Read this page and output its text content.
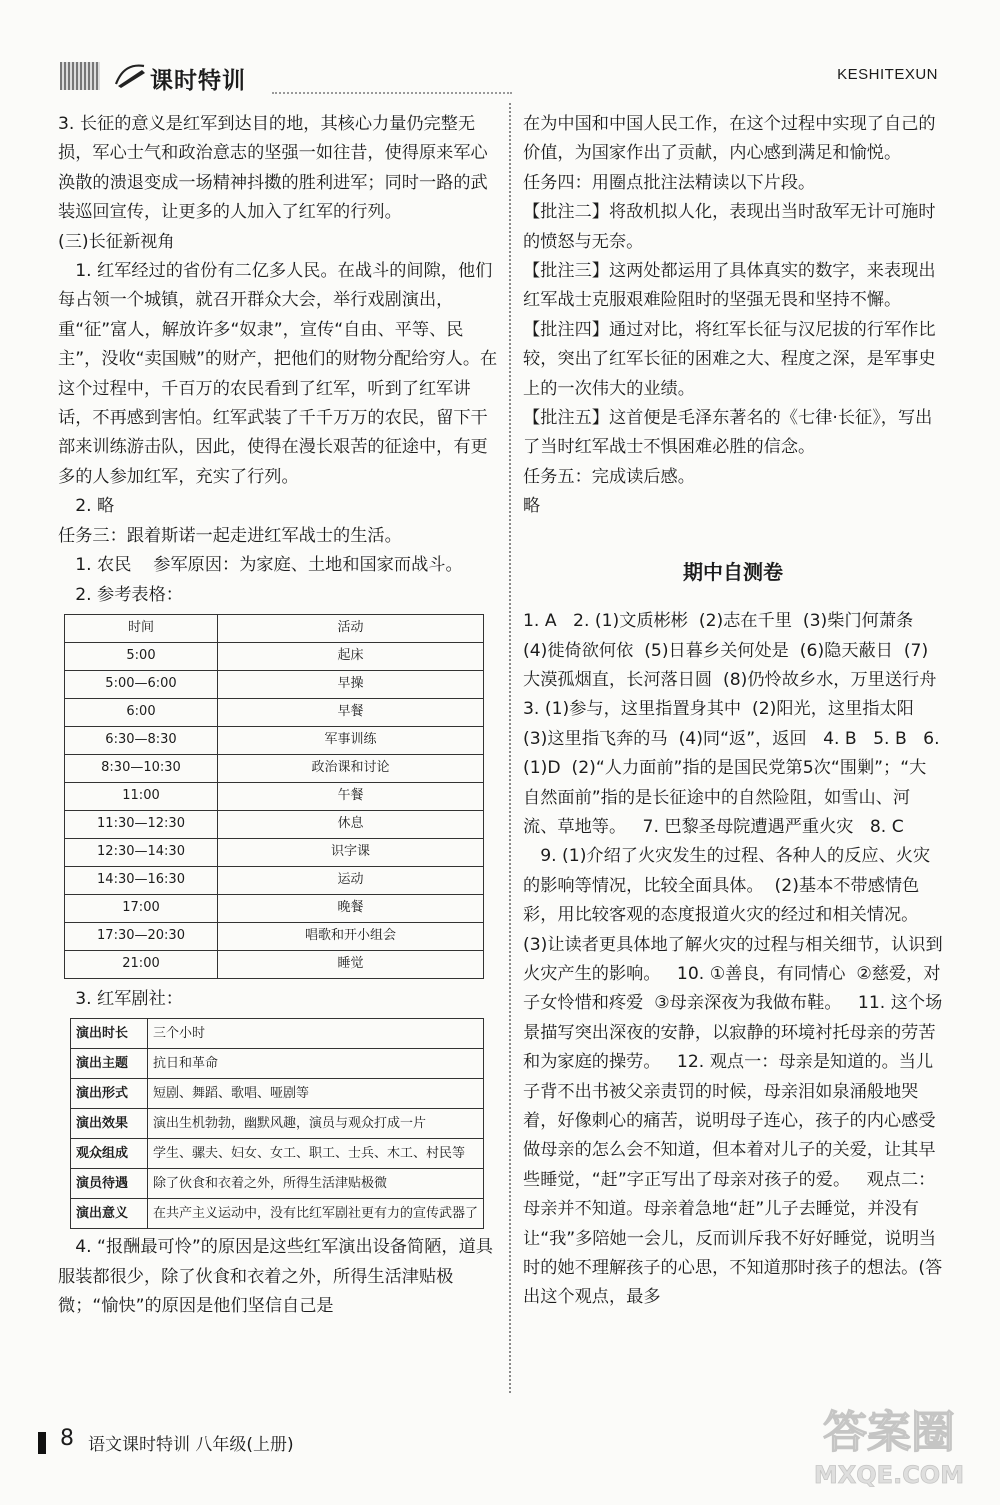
课时特训	KESHITEXUN

3. 长征的意义是红军到达目的地，其核心力量仍完整无损，军心士气和政治意志的坚强一如往昔，使得原来军心涣散的溃退变成一场精神抖擞的胜利进军；同时一路的武装巡回宣传，让更多的人加入了红军的行列。

(三)长征新视角

1. 红军经过的省份有二亿多人民。在战斗的间隙，他们每占领一个城镇，就召开群众大会，举行戏剧演出，重“征”富人，解放许多“奴隶”，宣传“自由、平等、民主”，没收“卖国贼”的财产，把他们的财物分配给穷人。在这个过程中，千百万的农民看到了红军，听到了红军讲话，不再感到害怕。红军武装了千千万万的农民，留下干部来训练游击队，因此，使得在漫长艰苦的征途中，有更多的人参加红军，充实了行列。

2. 略

任务三：跟着斯诺一起走进红军战士的生活。

1. 农民    参军原因：为家庭、土地和国家而战斗。

2. 参考表格：

时间	活动
5:00	起床
5:00—6:00	早操
6:00	早餐
6:30—8:30	军事训练
8:30—10:30	政治课和讨论
11:00	午餐
11:30—12:30	休息
12:30—14:30	识字课
14:30—16:30	运动
17:00	晚餐
17:30—20:30	唱歌和开小组会
21:00	睡觉

3. 红军剧社：

演出时长	三个小时
演出主题	抗日和革命
演出形式	短剧、舞蹈、歌唱、哑剧等
演出效果	演出生机勃勃，幽默风趣，演员与观众打成一片
观众组成	学生、骡夫、妇女、女工、职工、士兵、木工、村民等
演员待遇	除了伙食和衣着之外，所得生活津贴极微
演出意义	在共产主义运动中，没有比红军剧社更有力的宣传武器了

4. “报酬最可怜”的原因是这些红军演出设备简陋，道具服装都很少，除了伙食和衣着之外，所得生活津贴极微；“愉快”的原因是他们坚信自己是

在为中国和中国人民工作，在这个过程中实现了自己的价值，为国家作出了贡献，内心感到满足和愉悦。

任务四：用圈点批注法精读以下片段。

【批注二】将敌机拟人化，表现出当时敌军无计可施时的愤怒与无奈。

【批注三】这两处都运用了具体真实的数字，来表现出红军战士克服艰难险阻时的坚强无畏和坚持不懈。

【批注四】通过对比，将红军长征与汉尼拔的行军作比较，突出了红军长征的困难之大、程度之深，是军事史上的一次伟大的业绩。

【批注五】这首便是毛泽东著名的《七律·长征》，写出了当时红军战士不惧困难必胜的信念。

任务五：完成读后感。

略

期中自测卷

1. A   2. (1)文质彬彬  (2)志在千里  (3)柴门何萧条  (4)徙倚欲何依  (5)日暮乡关何处是  (6)隐天蔽日  (7)大漠孤烟直，长河落日圆  (8)仍怜故乡水，万里送行舟   3. (1)参与，这里指置身其中  (2)阳光，这里指太阳  (3)这里指飞奔的马  (4)同“返”，返回   4. B   5. B   6. (1)D  (2)“人力面前”指的是国民党第5次“围剿”；“大自然面前”指的是长征途中的自然险阻，如雪山、河流、草地等。   7. 巴黎圣母院遭遇严重火灾   8. C

9. (1)介绍了火灾发生的过程、各种人的反应、火灾的影响等情况，比较全面具体。  (2)基本不带感情色彩，用比较客观的态度报道火灾的经过和相关情况。  (3)让读者更具体地了解火灾的过程与相关细节，认识到火灾产生的影响。   10. ①善良，有同情心  ②慈爱，对子女怜惜和疼爱  ③母亲深夜为我做布鞋。   11. 这个场景描写突出深夜的安静，以寂静的环境衬托母亲的劳苦和为家庭的操劳。   12. 观点一：母亲是知道的。当儿子背不出书被父亲责罚的时候，母亲泪如泉涌般地哭着，好像刺心的痛苦，说明母子连心，孩子的内心感受做母亲的怎么会不知道，但本着对儿子的关爱，让其早些睡觉，“赶”字正写出了母亲对孩子的爱。   观点二：母亲并不知道。母亲着急地“赶”儿子去睡觉，并没有让“我”多陪她一会儿，反而训斥我不好好睡觉，说明当时的她不理解孩子的心思，不知道那时孩子的想法。(答出这个观点，最多

8 语文课时特训 八年级(上册)	答案圈
MXQE.COM
